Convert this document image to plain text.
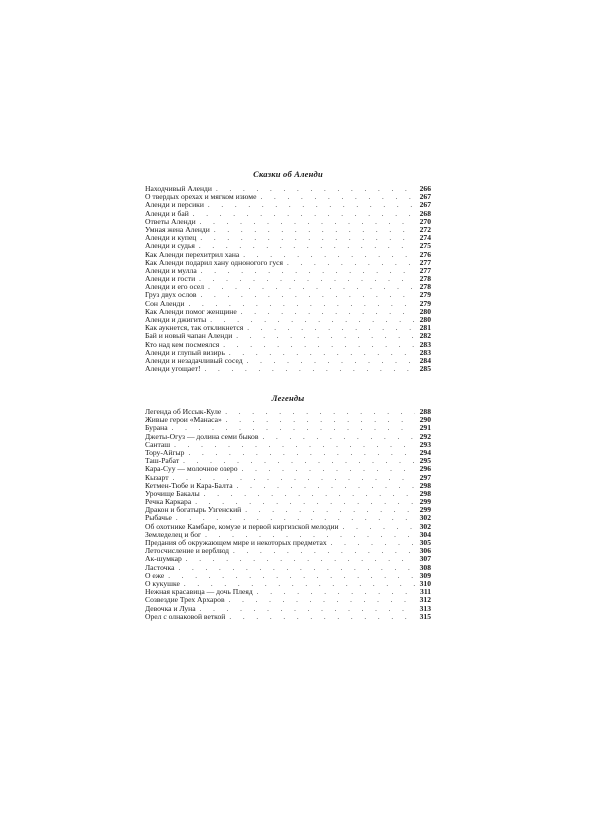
Сказки об Аленди
Находчивый Аленди . . .	266
О твердых орехах и мягком изюме . . .	267
Аленди и персики . . .	267
Аленди и бай . . .	268
Ответы Аленди . . .	270
Умная жена Аленди . . .	272
Аленди и купец . . .	274
Аленди и судья . . .	275
Как Аленди перехитрил хана . . .	276
Как Аленди подарил хану одноногого гуся . . .	277
Аленди и мулла . . .	277
Аленди и гости . . .	278
Аленди и его осел . . .	278
Груз двух ослов . . .	279
Сон Аленди . . .	279
Как Аленди помог женщине . . .	280
Аленди и джигиты . . .	280
Как аукнется, так откликнется . . .	281
Бай и новый чапан Аленди . . .	282
Кто над кем посмеялся . . .	283
Аленди и глупый визирь . . .	283
Аленди и незадачливый сосед . . .	284
Аленди угощает! . . .	285
Легенды
Легенда об Иссык-Куле . . .	288
Живые герои «Манаса» . . .	290
Бурана . . .	291
Джеты-Огуз — долина семи быков . . .	292
Санташ . . .	293
Тору-Айгыр . . .	294
Таш-Рабат . . .	295
Кара-Суу — молочное озеро . . .	296
Кызарт . . .	297
Кетмен-Тюбе и Кара-Балта . . .	298
Урочище Бакалы . . .	298
Речка Каркара . . .	299
Дракон и богатырь Узгенский . . .	299
Рыбачье . . .	302
Об охотнике Камбаре, комузе и первой киргизской мелодии . . .	302
Земледелец и бог . . .	304
Предания об окружающем мире и некоторых предметах . . .	305
Летосчисление и верблюд . . .	306
Ак-шумкар . . .	307
Ласточка . . .	308
О еже . . .	309
О кукушке . . .	310
Нежная красавица — дочь Плеяд . . .	311
Созвездие Трех Архаров . . .	312
Девочка и Луна . . .	313
Орел с олнаковой веткой . . .	315
